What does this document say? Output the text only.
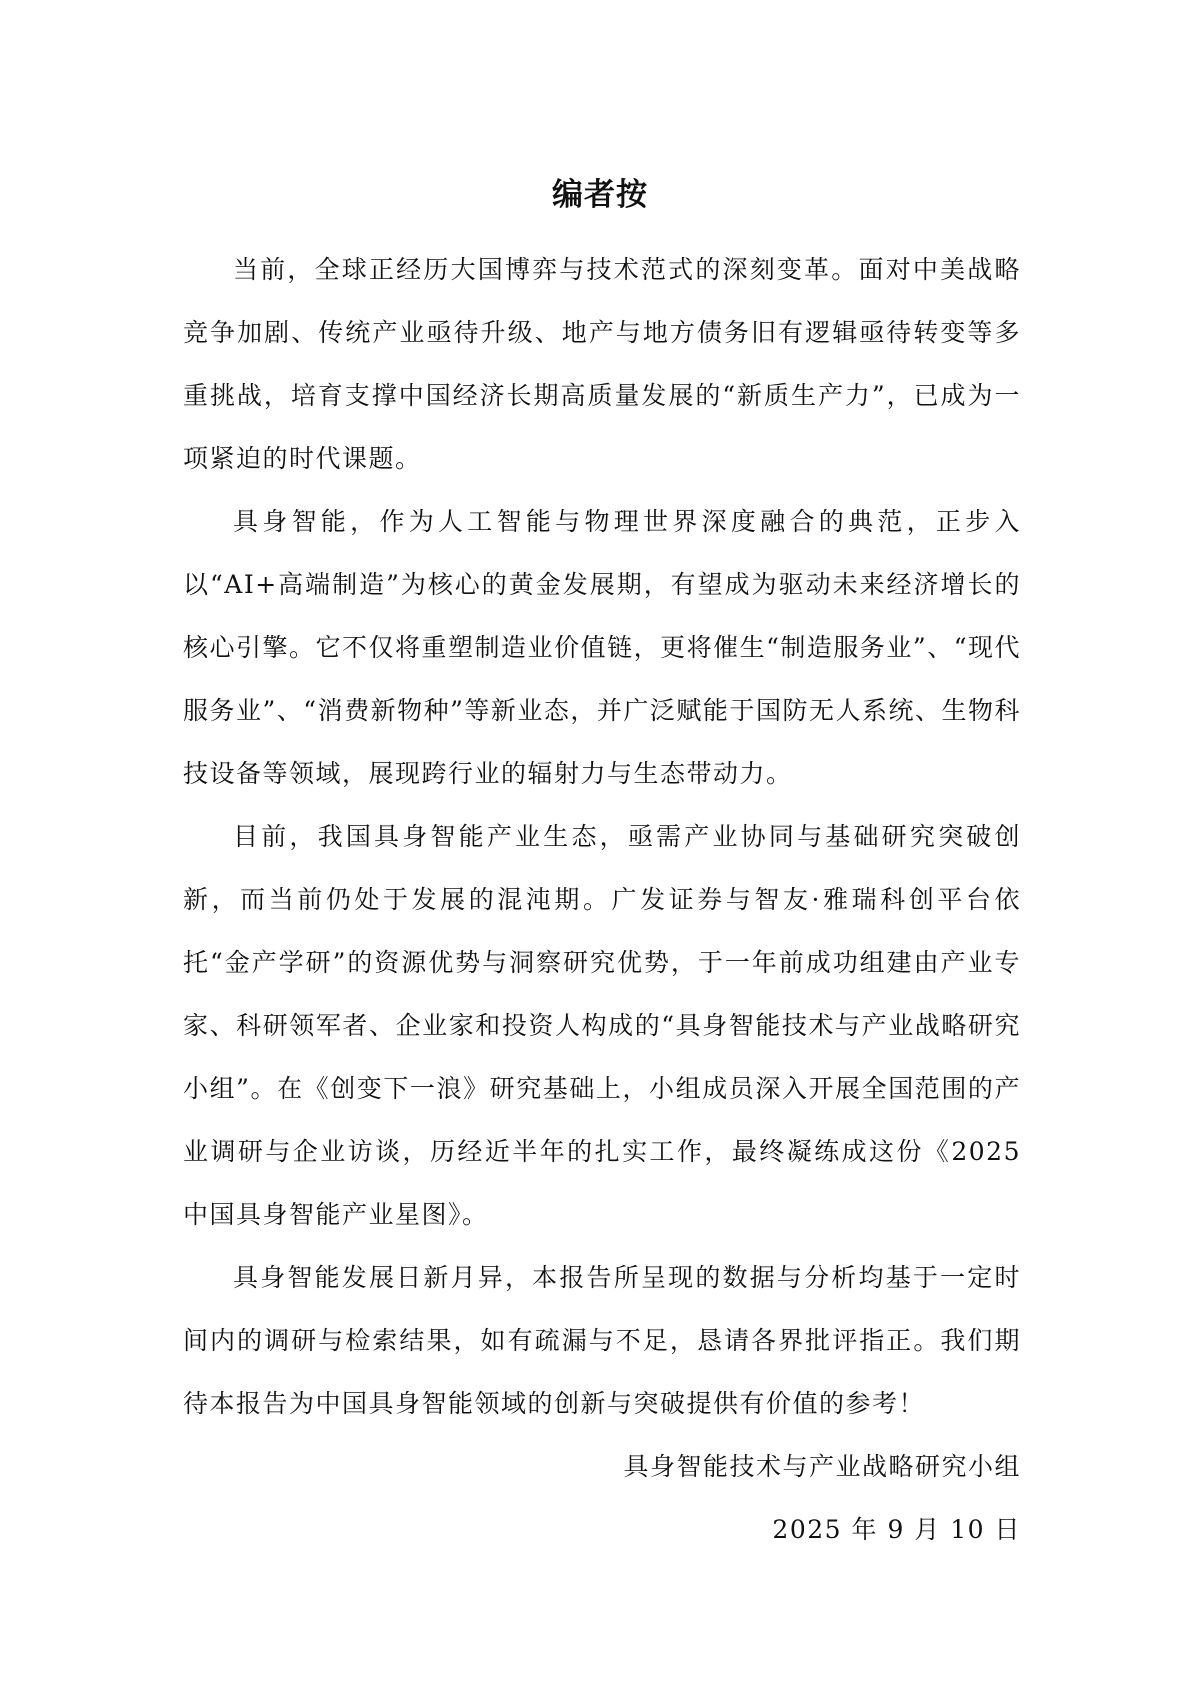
编者按

当前，全球正经历大国博弈与技术范式的深刻变革。面对中美战略竞争加剧、传统产业亟待升级、地产与地方债务旧有逻辑亟待转变等多重挑战，培育支撑中国经济长期高质量发展的“新质生产力”，已成为一项紧迫的时代课题。

具身智能，作为人工智能与物理世界深度融合的典范，正步入以“AI+高端制造”为核心的黄金发展期，有望成为驱动未来经济增长的核心引擎。它不仅将重塑制造业价值链，更将催生“制造服务业”、“现代服务业”、“消费新物种”等新业态，并广泛赋能于国防无人系统、生物科技设备等领域，展现跨行业的辐射力与生态带动力。

目前，我国具身智能产业生态，亟需产业协同与基础研究突破创新，而当前仍处于发展的混沌期。广发证券与智友·雅瑞科创平台依托“金产学研”的资源优势与洞察研究优势，于一年前成功组建由产业专家、科研领军者、企业家和投资人构成的“具身智能技术与产业战略研究小组”。在《创变下一浪》研究基础上，小组成员深入开展全国范围的产业调研与企业访谈，历经近半年的扎实工作，最终凝练成这份《2025 中国具身智能产业星图》。

具身智能发展日新月异，本报告所呈现的数据与分析均基于一定时间内的调研与检索结果，如有疏漏与不足，恳请各界批评指正。我们期待本报告为中国具身智能领域的创新与突破提供有价值的参考！

具身智能技术与产业战略研究小组
2025 年 9 月 10 日
